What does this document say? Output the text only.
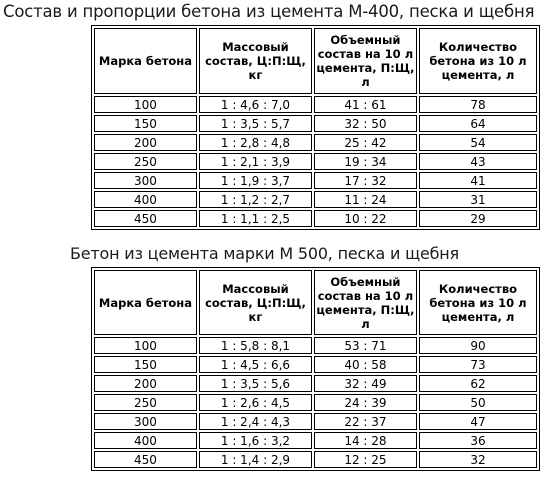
Состав и пропорции бетона из цемента М-400, песка и щебня
Марка бетона	Массовый состав, Ц:П:Щ, кг	Объемный состав на 10 л цемента, П:Щ, л	Количество бетона из 10 л цемента, л
100	1 : 4,6 : 7,0	41 : 61	78
150	1 : 3,5 : 5,7	32 : 50	64
200	1 : 2,8 : 4,8	25 : 42	54
250	1 : 2,1 : 3,9	19 : 34	43
300	1 : 1,9 : 3,7	17 : 32	41
400	1 : 1,2 : 2,7	11 : 24	31
450	1 : 1,1 : 2,5	10 : 22	29
Бетон из цемента марки М 500, песка и щебня
Марка бетона	Массовый состав, Ц:П:Щ, кг	Объемный состав на 10 л цемента, П:Щ, л	Количество бетона из 10 л цемента, л
100	1 : 5,8 : 8,1	53 : 71	90
150	1 : 4,5 : 6,6	40 : 58	73
200	1 : 3,5 : 5,6	32 : 49	62
250	1 : 2,6 : 4,5	24 : 39	50
300	1 : 2,4 : 4,3	22 : 37	47
400	1 : 1,6 : 3,2	14 : 28	36
450	1 : 1,4 : 2,9	12 : 25	32
